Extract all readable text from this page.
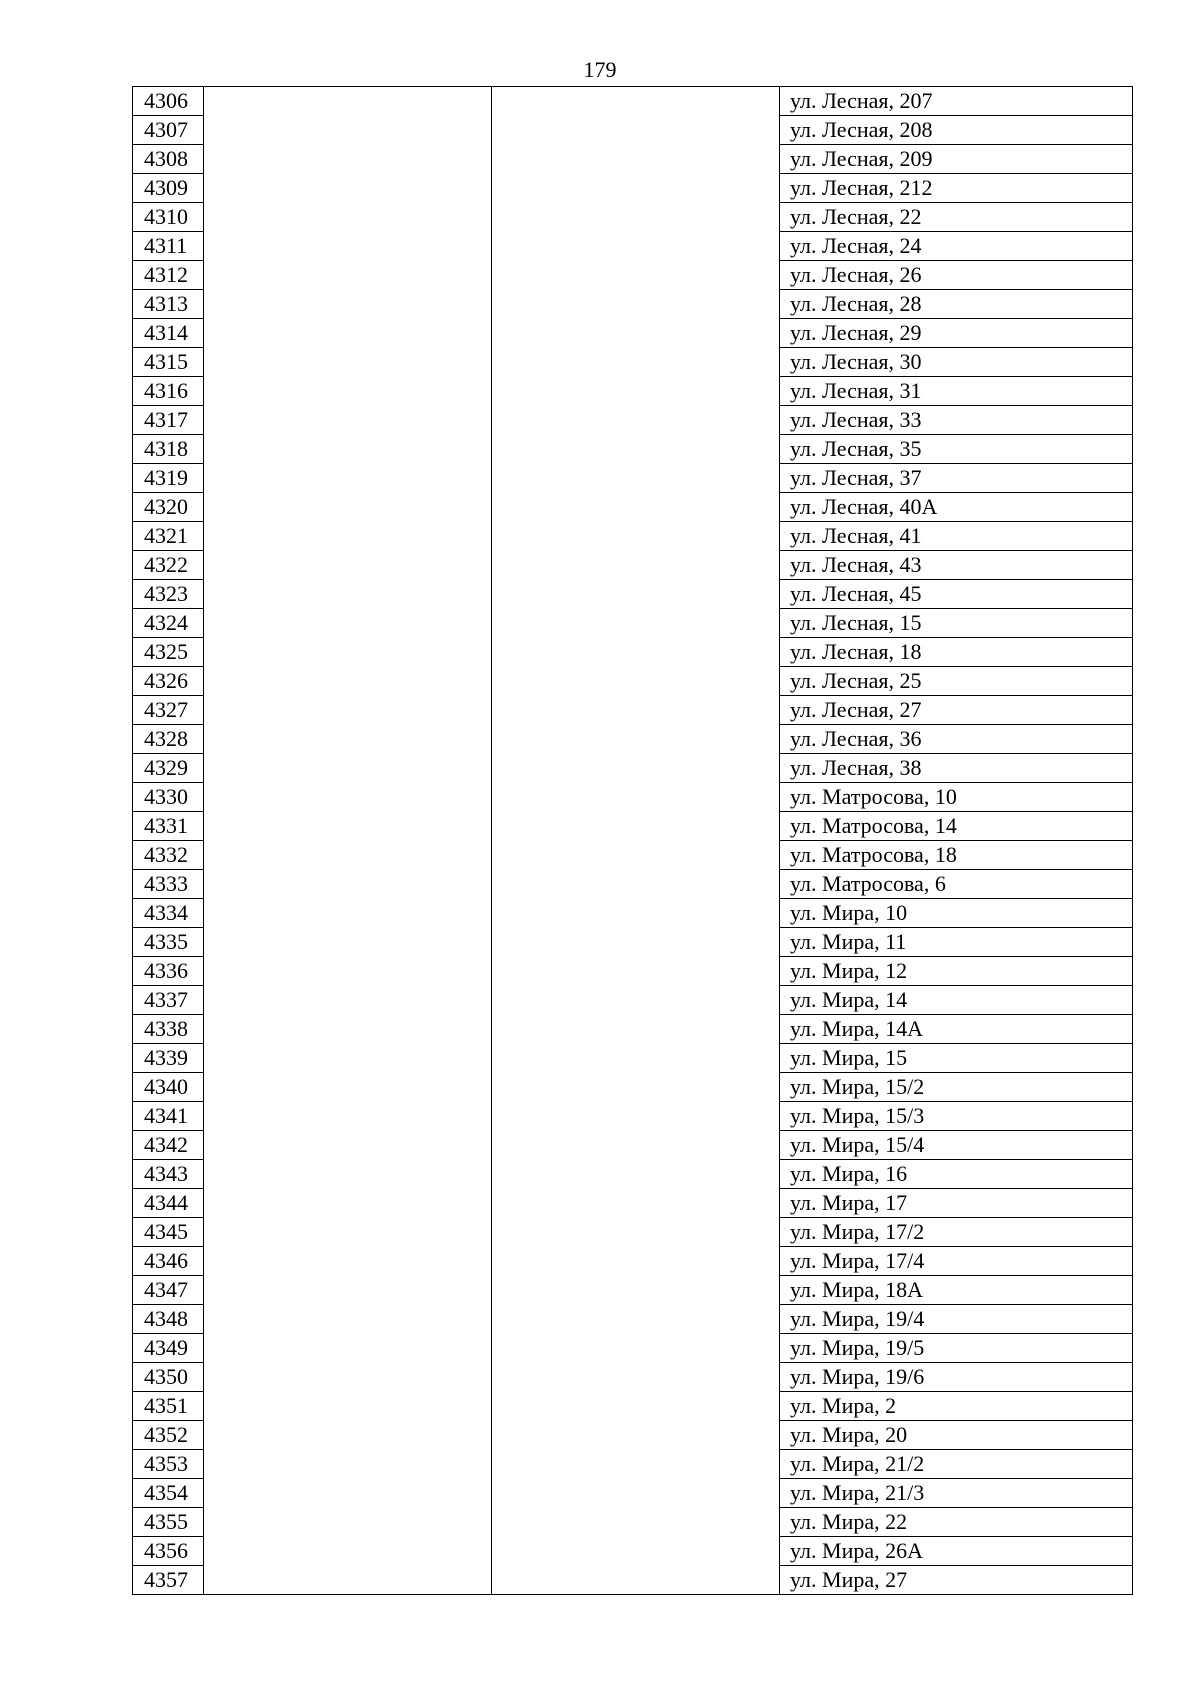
179
4306			ул. Лесная, 207
4307			ул. Лесная, 208
4308			ул. Лесная, 209
4309			ул. Лесная, 212
4310			ул. Лесная, 22
4311			ул. Лесная, 24
4312			ул. Лесная, 26
4313			ул. Лесная, 28
4314			ул. Лесная, 29
4315			ул. Лесная, 30
4316			ул. Лесная, 31
4317			ул. Лесная, 33
4318			ул. Лесная, 35
4319			ул. Лесная, 37
4320			ул. Лесная, 40А
4321			ул. Лесная, 41
4322			ул. Лесная, 43
4323			ул. Лесная, 45
4324			ул. Лесная, 15
4325			ул. Лесная, 18
4326			ул. Лесная, 25
4327			ул. Лесная, 27
4328			ул. Лесная, 36
4329			ул. Лесная, 38
4330			ул. Матросова, 10
4331			ул. Матросова, 14
4332			ул. Матросова, 18
4333			ул. Матросова, 6
4334			ул. Мира, 10
4335			ул. Мира, 11
4336			ул. Мира, 12
4337			ул. Мира, 14
4338			ул. Мира, 14А
4339			ул. Мира, 15
4340			ул. Мира, 15/2
4341			ул. Мира, 15/3
4342			ул. Мира, 15/4
4343			ул. Мира, 16
4344			ул. Мира, 17
4345			ул. Мира, 17/2
4346			ул. Мира, 17/4
4347			ул. Мира, 18А
4348			ул. Мира, 19/4
4349			ул. Мира, 19/5
4350			ул. Мира, 19/6
4351			ул. Мира, 2
4352			ул. Мира, 20
4353			ул. Мира, 21/2
4354			ул. Мира, 21/3
4355			ул. Мира, 22
4356			ул. Мира, 26А
4357			ул. Мира, 27
